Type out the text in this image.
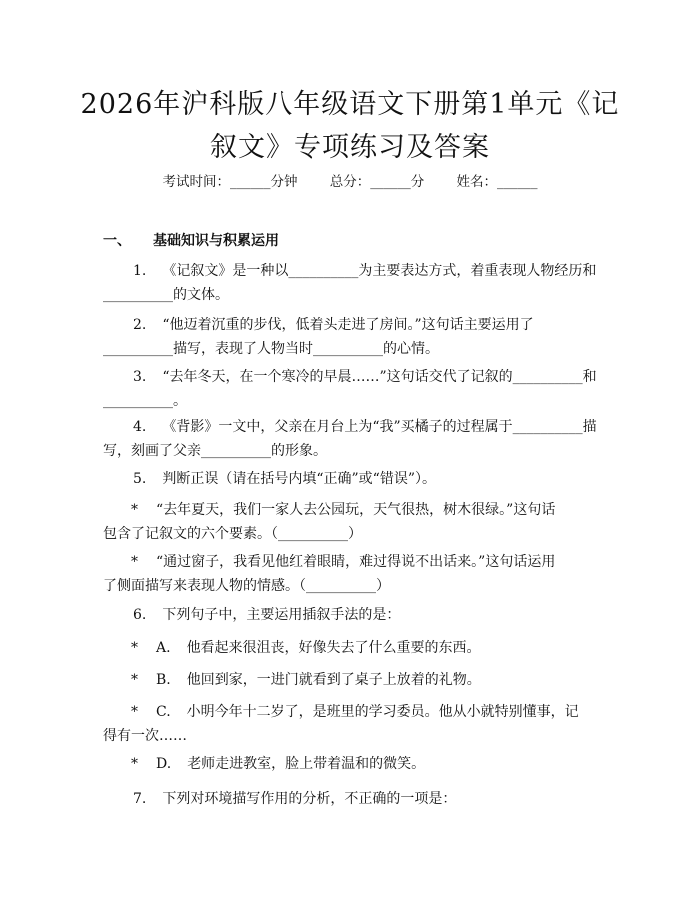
2026年沪科版八年级语文下册第1单元《记
叙文》专项练习及答案
考试时间：______分钟 总分：______分 姓名：______
一、 基础知识与积累运用
1. 《记叙文》是一种以__________为主要表达方式，着重表现人物经历和
__________的文体。
2. “他迈着沉重的步伐，低着头走进了房间。”这句话主要运用了
__________描写，表现了人物当时__________的心情。
3. “去年冬天，在一个寒冷的早晨……”这句话交代了记叙的__________和
__________。
4. 《背影》一文中，父亲在月台上为“我”买橘子的过程属于__________描
写，刻画了父亲__________的形象。
5. 判断正误（请在括号内填“正确”或“错误”）。
* “去年夏天，我们一家人去公园玩，天气很热，树木很绿。”这句话
包含了记叙文的六个要素。（__________）
* “通过窗子，我看见他红着眼睛，难过得说不出话来。”这句话运用
了侧面描写来表现人物的情感。（__________）
6. 下列句子中，主要运用插叙手法的是：
* A. 他看起来很沮丧，好像失去了什么重要的东西。
* B. 他回到家，一进门就看到了桌子上放着的礼物。
* C. 小明今年十二岁了，是班里的学习委员。他从小就特别懂事，记
得有一次……
* D. 老师走进教室，脸上带着温和的微笑。
7. 下列对环境描写作用的分析，不正确的一项是：
